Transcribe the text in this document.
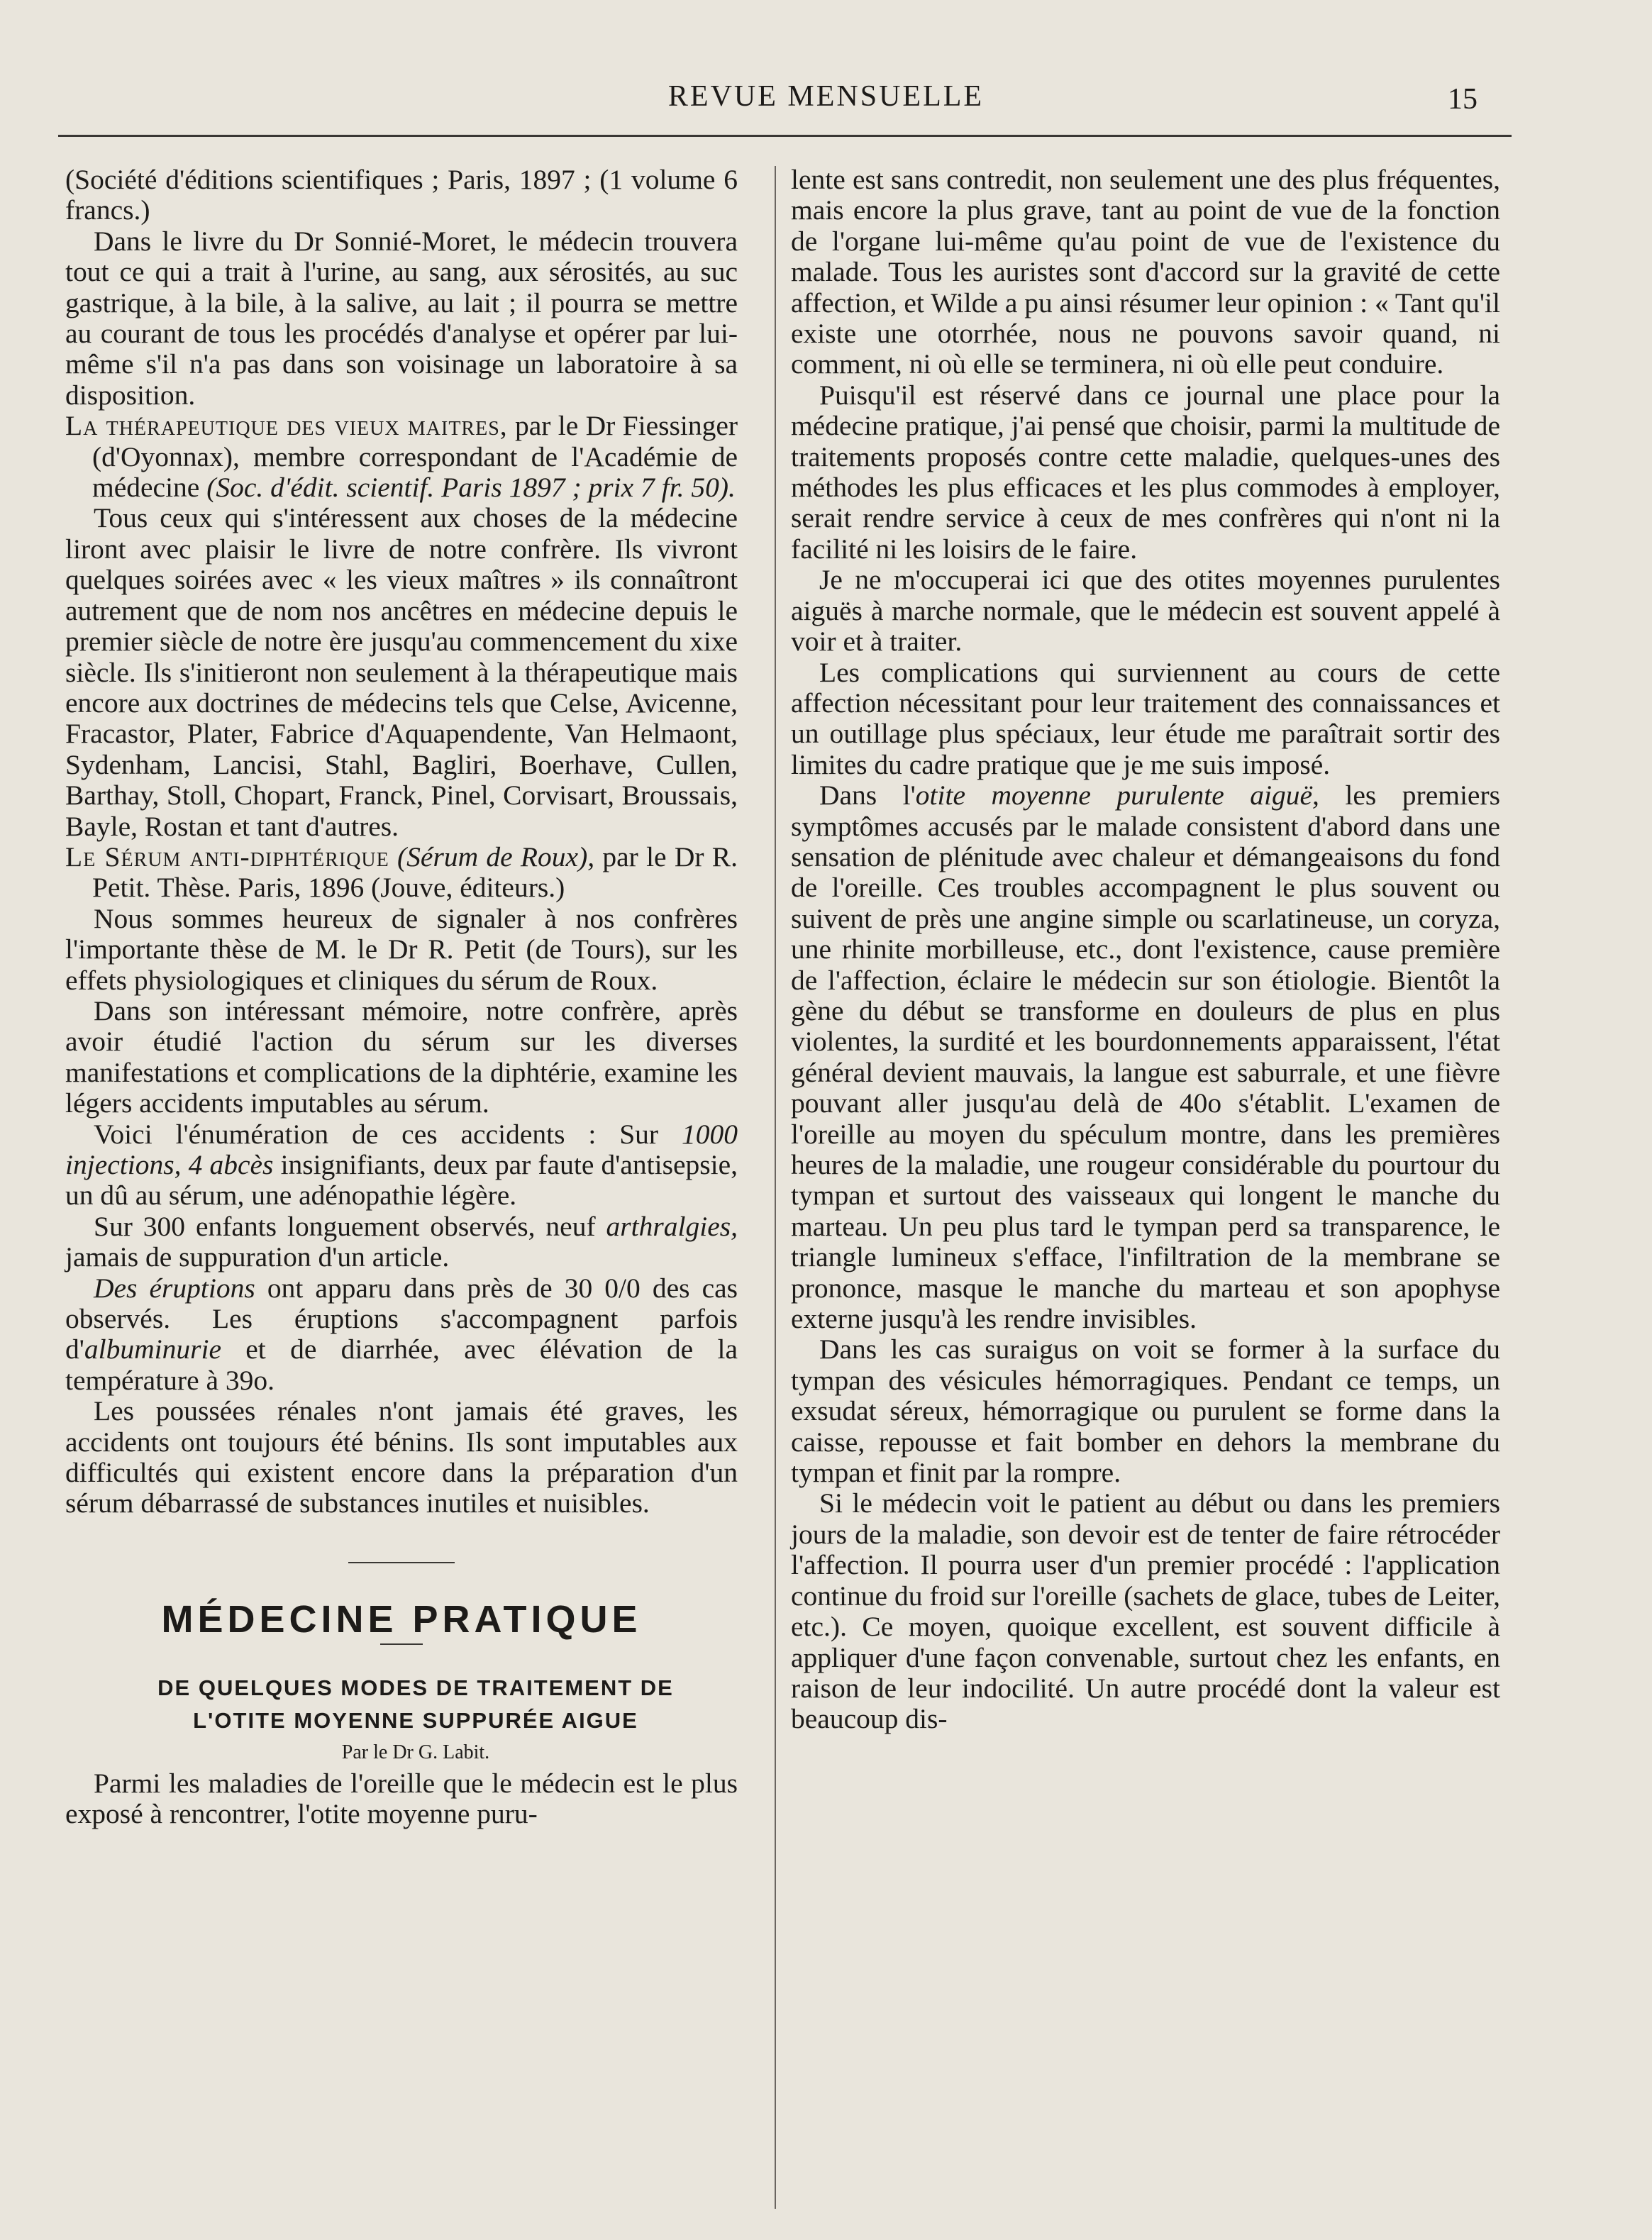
REVUE MENSUELLE	15

(Société d'éditions scientifiques ; Paris, 1897 ; (1 volume 6 francs.)

Dans le livre du Dr Sonnié-Moret, le médecin trouvera tout ce qui a trait à l'urine, au sang, aux sérosités, au suc gastrique, à la bile, à la salive, au lait ; il pourra se mettre au courant de tous les procédés d'analyse et opérer par lui-même s'il n'a pas dans son voisinage un laboratoire à sa disposition.

La thérapeutique des vieux maitres, par le Dr Fiessinger (d'Oyonnax), membre correspondant de l'Académie de médecine (Soc. d'édit. scientif. Paris 1897 ; prix 7 fr. 50).

Tous ceux qui s'intéressent aux choses de la médecine liront avec plaisir le livre de notre confrère. Ils vivront quelques soirées avec « les vieux maîtres » ils connaîtront autrement que de nom nos ancêtres en médecine depuis le premier siècle de notre ère jusqu'au commencement du xixe siècle. Ils s'initieront non seulement à la thérapeutique mais encore aux doctrines de médecins tels que Celse, Avicenne, Fracastor, Plater, Fabrice d'Aquapendente, Van Helmaont, Sydenham, Lancisi, Stahl, Bagliri, Boerhave, Cullen, Barthay, Stoll, Chopart, Franck, Pinel, Corvisart, Broussais, Bayle, Rostan et tant d'autres.

Le Sérum anti-diphtérique (Sérum de Roux), par le Dr R. Petit. Thèse. Paris, 1896 (Jouve, éditeurs.)

Nous sommes heureux de signaler à nos confrères l'importante thèse de M. le Dr R. Petit (de Tours), sur les effets physiologiques et cliniques du sérum de Roux.

Dans son intéressant mémoire, notre confrère, après avoir étudié l'action du sérum sur les diverses manifestations et complications de la diphtérie, examine les légers accidents imputables au sérum.

Voici l'énumération de ces accidents : Sur 1000 injections, 4 abcès insignifiants, deux par faute d'antisepsie, un dû au sérum, une adénopathie légère.

Sur 300 enfants longuement observés, neuf arthralgies, jamais de suppuration d'un article.

Des éruptions ont apparu dans près de 30 0/0 des cas observés. Les éruptions s'accompagnent parfois d'albuminurie et de diarrhée, avec élévation de la température à 39o.

Les poussées rénales n'ont jamais été graves, les accidents ont toujours été bénins. Ils sont imputables aux difficultés qui existent encore dans la préparation d'un sérum débarrassé de substances inutiles et nuisibles.

MÉDECINE PRATIQUE

DE QUELQUES MODES DE TRAITEMENT DE

L'OTITE MOYENNE SUPPURÉE AIGUE

Par le Dr G. Labit.

Parmi les maladies de l'oreille que le médecin est le plus exposé à rencontrer, l'otite moyenne puru-

lente est sans contredit, non seulement une des plus fréquentes, mais encore la plus grave, tant au point de vue de la fonction de l'organe lui-même qu'au point de vue de l'existence du malade. Tous les auristes sont d'accord sur la gravité de cette affection, et Wilde a pu ainsi résumer leur opinion : « Tant qu'il existe une otorrhée, nous ne pouvons savoir quand, ni comment, ni où elle se terminera, ni où elle peut conduire.

Puisqu'il est réservé dans ce journal une place pour la médecine pratique, j'ai pensé que choisir, parmi la multitude de traitements proposés contre cette maladie, quelques-unes des méthodes les plus efficaces et les plus commodes à employer, serait rendre service à ceux de mes confrères qui n'ont ni la facilité ni les loisirs de le faire.

Je ne m'occuperai ici que des otites moyennes purulentes aiguës à marche normale, que le médecin est souvent appelé à voir et à traiter.

Les complications qui surviennent au cours de cette affection nécessitant pour leur traitement des connaissances et un outillage plus spéciaux, leur étude me paraîtrait sortir des limites du cadre pratique que je me suis imposé.

Dans l'otite moyenne purulente aiguë, les premiers symptômes accusés par le malade consistent d'abord dans une sensation de plénitude avec chaleur et démangeaisons du fond de l'oreille. Ces troubles accompagnent le plus souvent ou suivent de près une angine simple ou scarlatineuse, un coryza, une rhinite morbilleuse, etc., dont l'existence, cause première de l'affection, éclaire le médecin sur son étiologie. Bientôt la gène du début se transforme en douleurs de plus en plus violentes, la surdité et les bourdonnements apparaissent, l'état général devient mauvais, la langue est saburrale, et une fièvre pouvant aller jusqu'au delà de 40o s'établit. L'examen de l'oreille au moyen du spéculum montre, dans les premières heures de la maladie, une rougeur considérable du pourtour du tympan et surtout des vaisseaux qui longent le manche du marteau. Un peu plus tard le tympan perd sa transparence, le triangle lumineux s'efface, l'infiltration de la membrane se prononce, masque le manche du marteau et son apophyse externe jusqu'à les rendre invisibles.

Dans les cas suraigus on voit se former à la surface du tympan des vésicules hémorragiques. Pendant ce temps, un exsudat séreux, hémorragique ou purulent se forme dans la caisse, repousse et fait bomber en dehors la membrane du tympan et finit par la rompre.

Si le médecin voit le patient au début ou dans les premiers jours de la maladie, son devoir est de tenter de faire rétrocéder l'affection. Il pourra user d'un premier procédé : l'application continue du froid sur l'oreille (sachets de glace, tubes de Leiter, etc.). Ce moyen, quoique excellent, est souvent difficile à appliquer d'une façon convenable, surtout chez les enfants, en raison de leur indocilité. Un autre procédé dont la valeur est beaucoup dis-
